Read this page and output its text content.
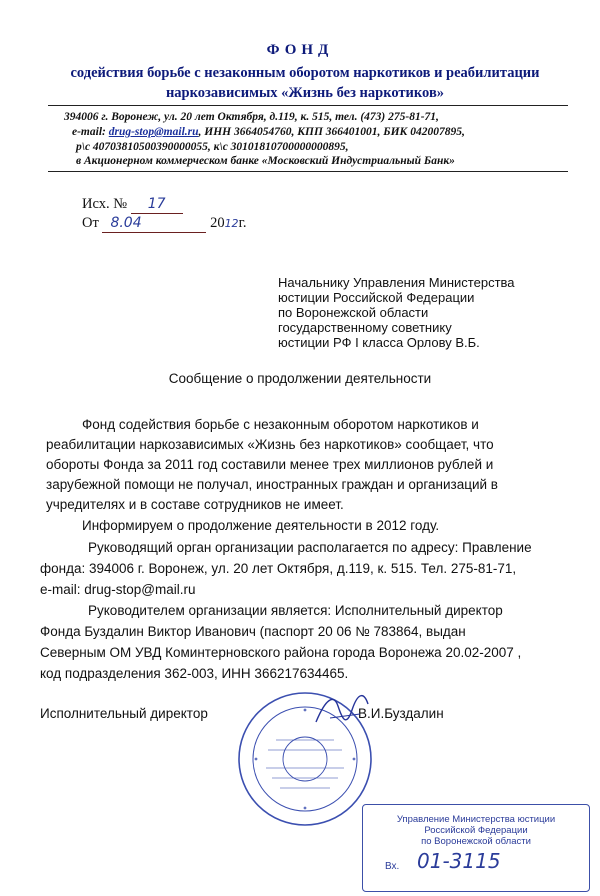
ФОНД
содействия борьбе с незаконным оборотом наркотиков и реабилитации
наркозависимых «Жизнь без наркотиков»
394006 г. Воронеж, ул. 20 лет Октября, д.119, к. 515, тел. (473) 275-81-71,
e-mail: drug-stop@mail.ru, ИНН 3664054760, КПП 366401001, БИК 042007895,
р\с 40703810500390000055, к\с 30101810700000000895,
в Акционерном коммерческом банке «Московский Индустриальный Банк»
Исх. № 17
От 8.04	2012г.
Начальнику Управления Министерства
юстиции Российской Федерации
по Воронежской области
государственному советнику
юстиции РФ I класса Орлову В.Б.
Сообщение о продолжении деятельности
Фонд содействия борьбе с незаконным оборотом наркотиков и
реабилитации наркозависимых «Жизнь без наркотиков» сообщает, что
обороты Фонда за 2011 год составили менее трех миллионов рублей и
зарубежной помощи не получал, иностранных граждан и организаций в
учредителях и в составе сотрудников не имеет.
Информируем о продолжение деятельности в 2012 году.
Руководящий орган организации располагается по адресу: Правление
фонда: 394006 г. Воронеж, ул. 20 лет Октября, д.119, к. 515. Тел. 275-81-71,
e-mail: drug-stop@mail.ru
Руководителем организации является: Исполнительный директор
Фонда Буздалин Виктор Иванович (паспорт 20 06 № 783864, выдан
Северным ОМ УВД Коминтерновского района города Воронежа 20.02-2007 ,
код подразделения 362-003, ИНН 366217634465.
Исполнительный директор	В.И.Буздалин
Управление Министерства юстиции
Российской Федерации
по Воронежской области
Вх. 01-3115
